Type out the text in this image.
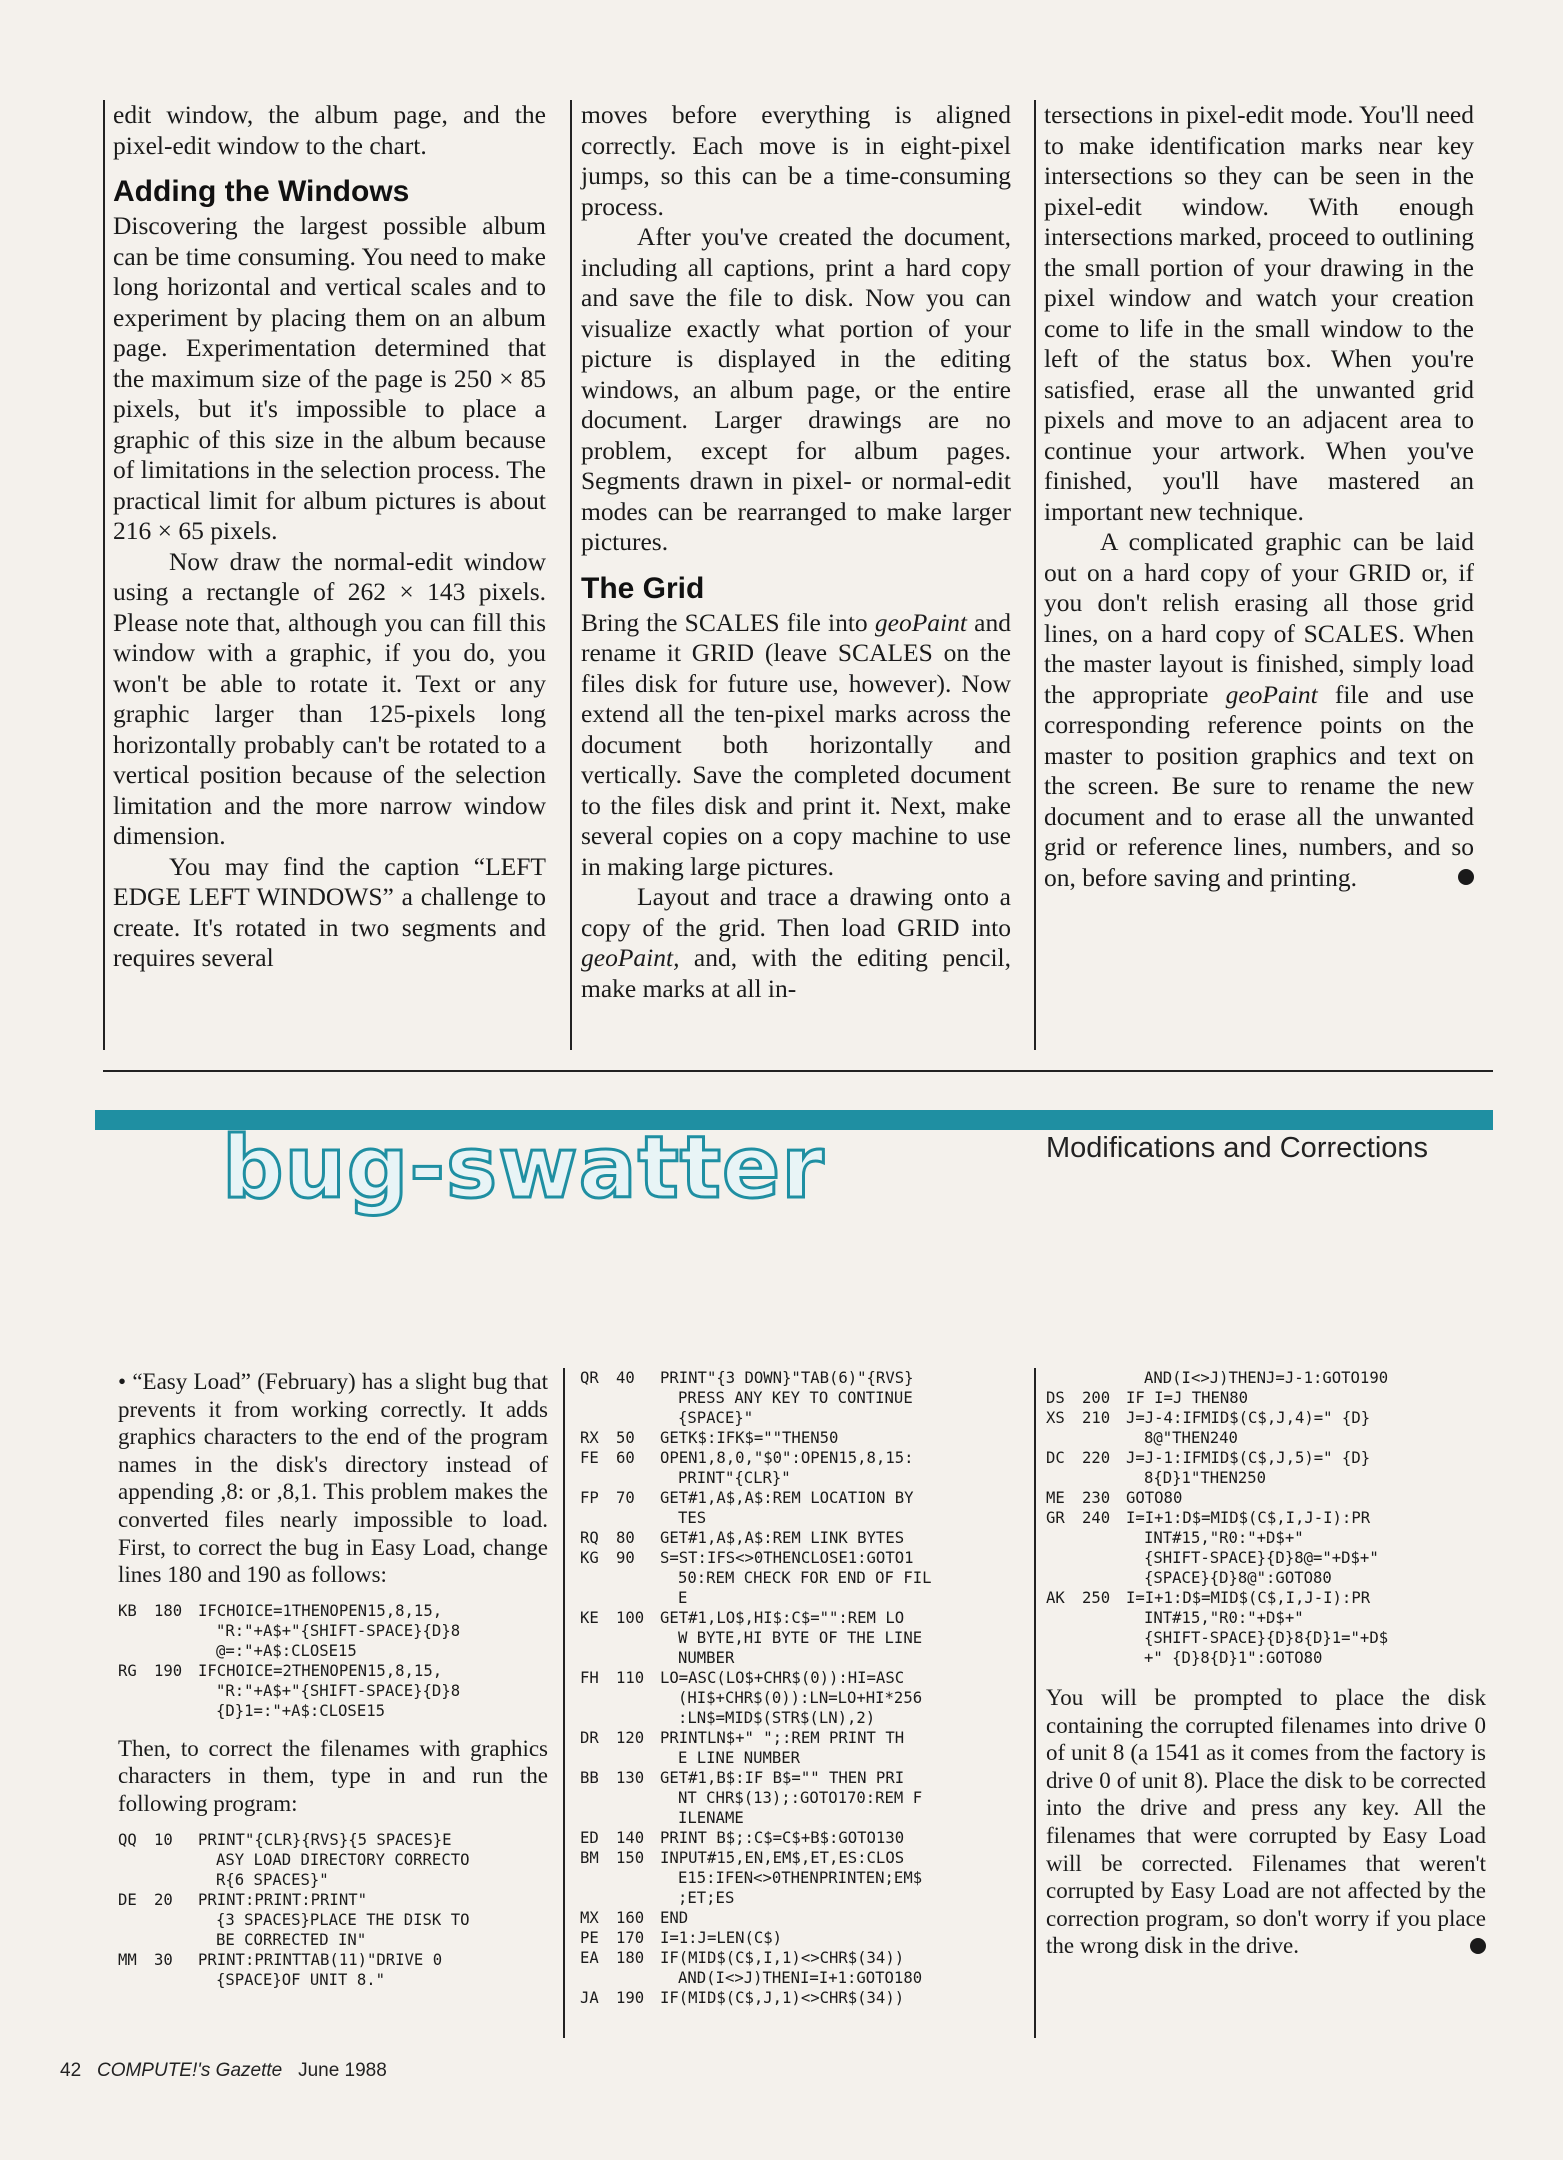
edit window, the album page, and the pixel-edit window to the chart.

Adding the Windows

Discovering the largest possible album can be time consuming. You need to make long horizontal and vertical scales and to experiment by placing them on an album page. Experimentation determined that the maximum size of the page is 250 × 85 pixels, but it's impossible to place a graphic of this size in the album because of limitations in the selection process. The practical limit for album pictures is about 216 × 65 pixels.

Now draw the normal-edit window using a rectangle of 262 × 143 pixels. Please note that, although you can fill this window with a graphic, if you do, you won't be able to rotate it. Text or any graphic larger than 125-pixels long horizontally probably can't be rotated to a vertical position because of the selection limitation and the more narrow window dimension.

You may find the caption “LEFT EDGE LEFT WINDOWS” a challenge to create. It's rotated in two segments and requires several

moves before everything is aligned correctly. Each move is in eight-pixel jumps, so this can be a time-consuming process.

After you've created the document, including all captions, print a hard copy and save the file to disk. Now you can visualize exactly what portion of your picture is displayed in the editing windows, an album page, or the entire document. Larger drawings are no problem, except for album pages. Segments drawn in pixel- or normal-edit modes can be rearranged to make larger pictures.

The Grid

Bring the SCALES file into geoPaint and rename it GRID (leave SCALES on the files disk for future use, however). Now extend all the ten-pixel marks across the document both horizontally and vertically. Save the completed document to the files disk and print it. Next, make several copies on a copy machine to use in making large pictures.

Layout and trace a drawing onto a copy of the grid. Then load GRID into geoPaint, and, with the editing pencil, make marks at all in-

tersections in pixel-edit mode. You'll need to make identification marks near key intersections so they can be seen in the pixel-edit window. With enough intersections marked, proceed to outlining the small portion of your drawing in the pixel window and watch your creation come to life in the small window to the left of the status box. When you're satisfied, erase all the unwanted grid pixels and move to an adjacent area to continue your artwork. When you've finished, you'll have mastered an important new technique.

A complicated graphic can be laid out on a hard copy of your GRID or, if you don't relish erasing all those grid lines, on a hard copy of SCALES. When the master layout is finished, simply load the appropriate geoPaint file and use corresponding reference points on the master to position graphics and text on the screen. Be sure to rename the new document and to erase all the unwanted grid or reference lines, numbers, and so on, before saving and printing.

bug-swatter	Modifications and Corrections

• “Easy Load” (February) has a slight bug that prevents it from working correctly. It adds graphics characters to the end of the program names in the disk's directory instead of appending ,8: or ,8,1. This problem makes the converted files nearly impossible to load. First, to correct the bug in Easy Load, change lines 180 and 190 as follows:

KB	180	IFCHOICE=1THENOPEN15,8,15,
"R:"+A$+"{SHIFT-SPACE}{D}8
@=:"+A$:CLOSE15
RG	190	IFCHOICE=2THENOPEN15,8,15,
"R:"+A$+"{SHIFT-SPACE}{D}8
{D}1=:"+A$:CLOSE15

Then, to correct the filenames with graphics characters in them, type in and run the following program:

QQ	10	PRINT"{CLR}{RVS}{5 SPACES}E
ASY LOAD DIRECTORY CORRECTO
R{6 SPACES}"
DE	20	PRINT:PRINT:PRINT"
{3 SPACES}PLACE THE DISK TO
BE CORRECTED IN"
MM	30	PRINT:PRINTTAB(11)"DRIVE 0
{SPACE}OF UNIT 8."
QR	40	PRINT"{3 DOWN}"TAB(6)"{RVS}
PRESS ANY KEY TO CONTINUE
{SPACE}"
RX	50	GETK$:IFK$=""THEN50
FE	60	OPEN1,8,0,"$0":OPEN15,8,15:
PRINT"{CLR}"
FP	70	GET#1,A$,A$:REM LOCATION BY
TES
RQ	80	GET#1,A$,A$:REM LINK BYTES
KG	90	S=ST:IFS<>0THENCLOSE1:GOTO1
50:REM CHECK FOR END OF FIL
E
KE	100	GET#1,LO$,HI$:C$="":REM LO
W BYTE,HI BYTE OF THE LINE
NUMBER
FH	110	LO=ASC(LO$+CHR$(0)):HI=ASC
(HI$+CHR$(0)):LN=LO+HI*256
:LN$=MID$(STR$(LN),2)
DR	120	PRINTLN$+" ";:REM PRINT TH
E LINE NUMBER
BB	130	GET#1,B$:IF B$="" THEN PRI
NT CHR$(13);:GOTO170:REM F
ILENAME
ED	140	PRINT B$;:C$=C$+B$:GOTO130
BM	150	INPUT#15,EN,EM$,ET,ES:CLOS
E15:IFEN<>0THENPRINTEN;EM$
;ET;ES
MX	160	END
PE	170	I=1:J=LEN(C$)
EA	180	IF(MID$(C$,I,1)<>CHR$(34))
AND(I<>J)THENI=I+1:GOTO180
JA	190	IF(MID$(C$,J,1)<>CHR$(34))
AND(I<>J)THENJ=J-1:GOTO190
DS	200	IF I=J THEN80
XS	210	J=J-4:IFMID$(C$,J,4)=" {D}
8@"THEN240
DC	220	J=J-1:IFMID$(C$,J,5)=" {D}
8{D}1"THEN250
ME	230	GOTO80
GR	240	I=I+1:D$=MID$(C$,I,J-I):PR
INT#15,"R0:"+D$+"
{SHIFT-SPACE}{D}8@="+D$+"
{SPACE}{D}8@":GOTO80
AK	250	I=I+1:D$=MID$(C$,I,J-I):PR
INT#15,"R0:"+D$+"
{SHIFT-SPACE}{D}8{D}1="+D$
+" {D}8{D}1":GOTO80

You will be prompted to place the disk containing the corrupted filenames into drive 0 of unit 8 (a 1541 as it comes from the factory is drive 0 of unit 8). Place the disk to be corrected into the drive and press any key. All the filenames that were corrupted by Easy Load will be corrected. Filenames that weren't corrupted by Easy Load are not affected by the correction program, so don't worry if you place the wrong disk in the drive.

42 COMPUTE!'s Gazette June 1988
